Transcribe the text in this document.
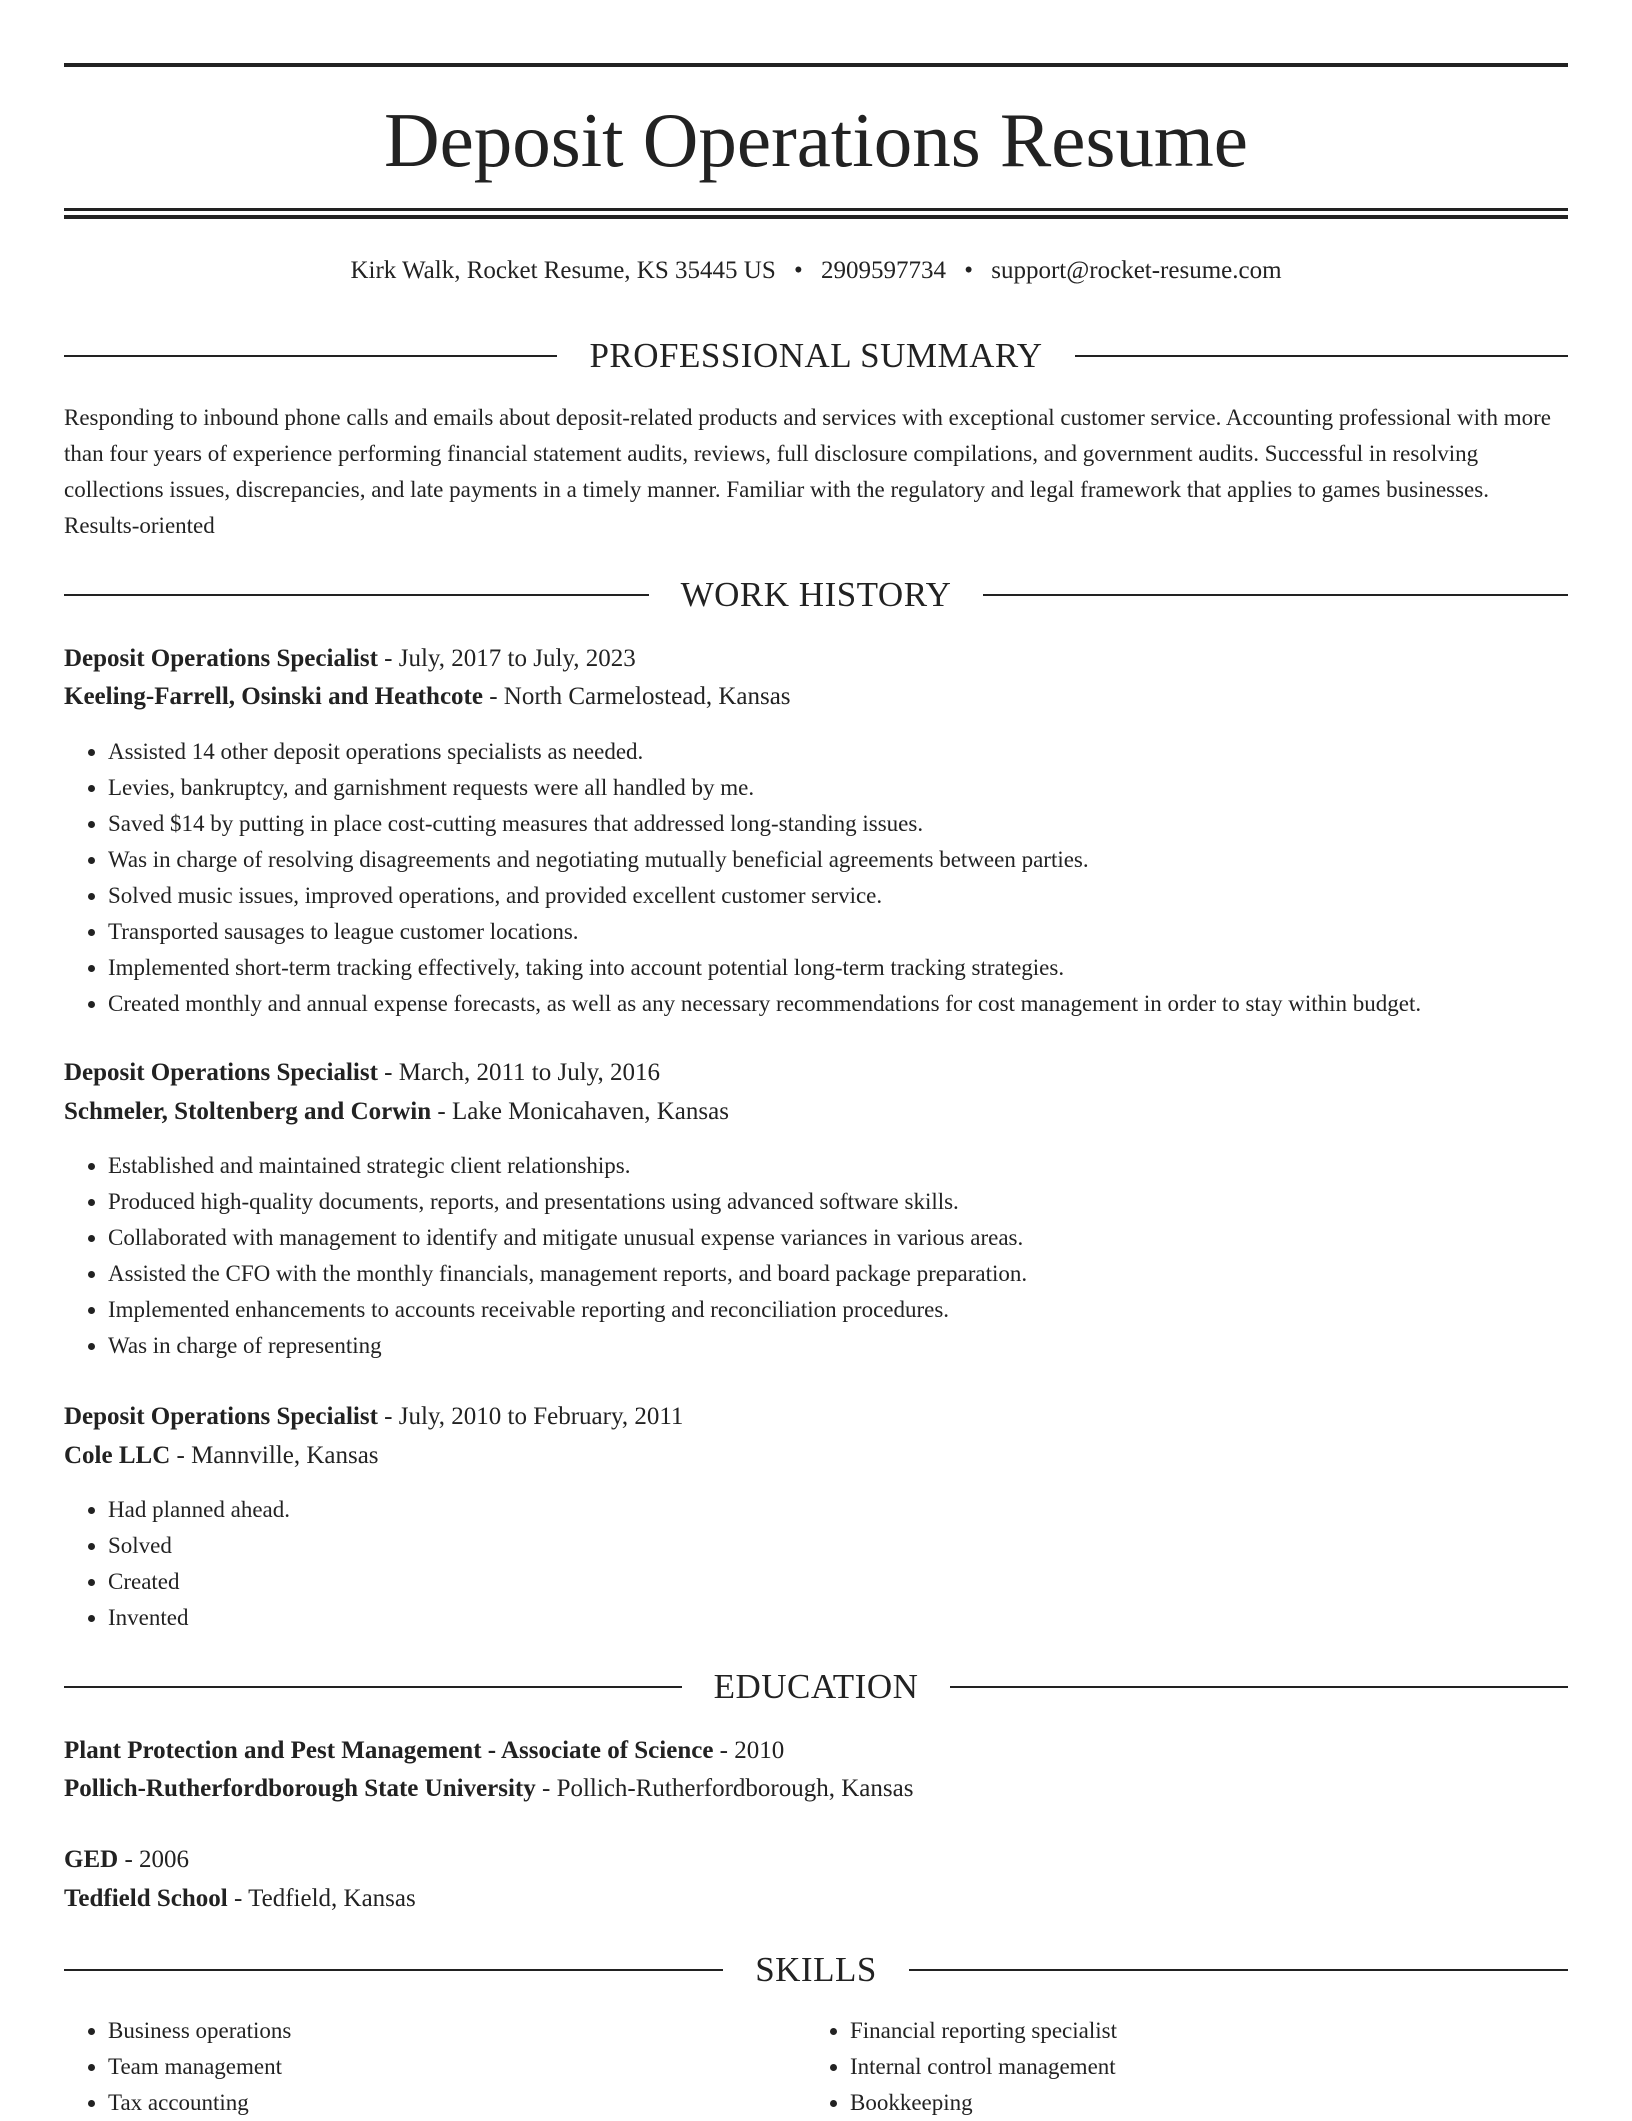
Deposit Operations Resume
Kirk Walk, Rocket Resume, KS 35445 US • 2909597734 • support@rocket-resume.com
PROFESSIONAL SUMMARY
Responding to inbound phone calls and emails about deposit-related products and services with exceptional customer service. Accounting professional with more than four years of experience performing financial statement audits, reviews, full disclosure compilations, and government audits. Successful in resolving collections issues, discrepancies, and late payments in a timely manner. Familiar with the regulatory and legal framework that applies to games businesses. Results-oriented
WORK HISTORY
Deposit Operations Specialist - July, 2017 to July, 2023
Keeling-Farrell, Osinski and Heathcote - North Carmelostead, Kansas
• Assisted 14 other deposit operations specialists as needed.
• Levies, bankruptcy, and garnishment requests were all handled by me.
• Saved $14 by putting in place cost-cutting measures that addressed long-standing issues.
• Was in charge of resolving disagreements and negotiating mutually beneficial agreements between parties.
• Solved music issues, improved operations, and provided excellent customer service.
• Transported sausages to league customer locations.
• Implemented short-term tracking effectively, taking into account potential long-term tracking strategies.
• Created monthly and annual expense forecasts, as well as any necessary recommendations for cost management in order to stay within budget.
Deposit Operations Specialist - March, 2011 to July, 2016
Schmeler, Stoltenberg and Corwin - Lake Monicahaven, Kansas
• Established and maintained strategic client relationships.
• Produced high-quality documents, reports, and presentations using advanced software skills.
• Collaborated with management to identify and mitigate unusual expense variances in various areas.
• Assisted the CFO with the monthly financials, management reports, and board package preparation.
• Implemented enhancements to accounts receivable reporting and reconciliation procedures.
• Was in charge of representing
Deposit Operations Specialist - July, 2010 to February, 2011
Cole LLC - Mannville, Kansas
• Had planned ahead.
• Solved
• Created
• Invented
EDUCATION
Plant Protection and Pest Management - Associate of Science - 2010
Pollich-Rutherfordborough State University - Pollich-Rutherfordborough, Kansas
GED - 2006
Tedfield School - Tedfield, Kansas
SKILLS
• Business operations
• Team management
• Tax accounting
• Financial reporting specialist
• Internal control management
• Bookkeeping
